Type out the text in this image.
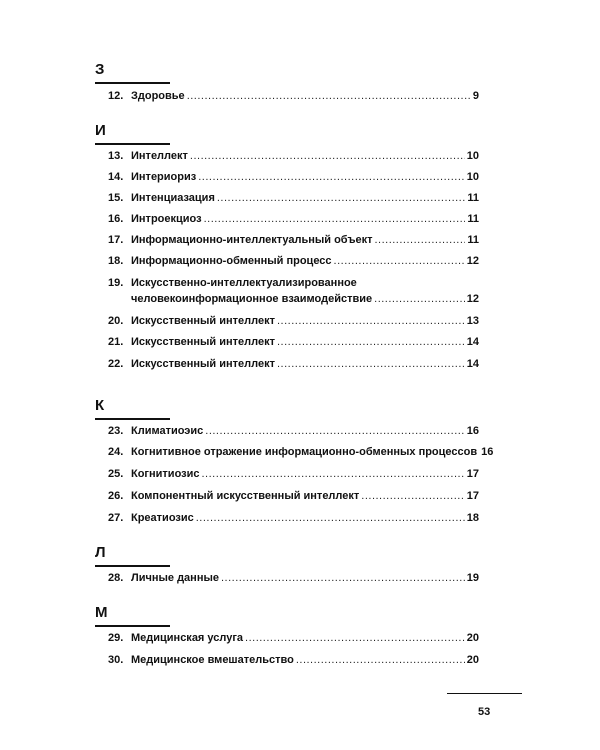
З
12. Здоровье .....	9
И
13. Интеллект .....	10
14. Интериориз .....	10
15. Интенциазация .....	11
16. Интроекциоз .....	11
17. Информационно-интеллектуальный объект .....	11
18. Информационно-обменный процесс .....	12
19. Искусственно-интеллектуализированное
человекоинформационное взаимодействие .....	12
20. Искусственный интеллект .....	13
21. Искусственный интеллект .....	14
22. Искусственный интеллект .....	14
К
23. Климатиоэис .....	16
24. Когнитивное отражение информационно-обменных процессов 16
25. Когнитиозис .....	17
26. Компонентный искусственный интеллект .....	17
27. Креатиозис .....	18
Л
28. Личные данные .....	19
М
29. Медицинская услуга .....	20
30. Медицинское вмешательство .....	20
53
